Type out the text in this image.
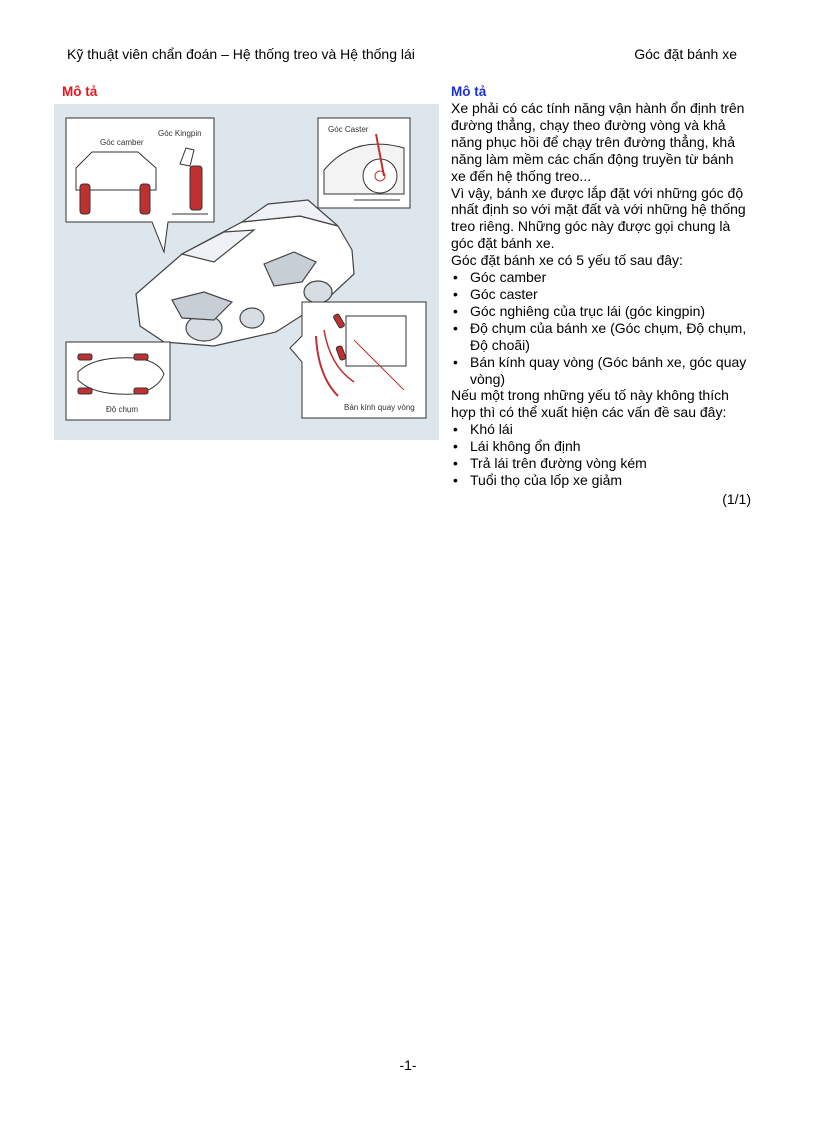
Kỹ thuật viên chẩn đoán – Hệ thống treo và Hệ thống lái	Góc đặt bánh xe
Mô tả	Mô tả
Góc camber
Góc Kingpin	Góc Caster
Độ chụm	Bán kính quay vòng

Xe phải có các tính năng vận hành ổn định trên đường thẳng, chạy theo đường vòng và khả năng phục hồi để chạy trên đường thẳng, khả năng làm mềm các chấn động truyền từ bánh xe đến hệ thống treo...

Vì vậy, bánh xe được lắp đặt với những góc độ nhất định so với mặt đất và với những hệ thống treo riêng. Những góc này được gọi chung là góc đặt bánh xe.

Góc đặt bánh xe có 5 yếu tố sau đây:

• Góc camber
• Góc caster
• Góc nghiêng của trục lái (góc kingpin)
• Độ chụm của bánh xe (Góc chụm, Độ chụm, Độ choãi)
• Bán kính quay vòng (Góc bánh xe, góc quay vòng)

Nếu một trong những yếu tố này không thích hợp thì có thể xuất hiện các vấn đề sau đây:

• Khó lái
• Lái không ổn định
• Trả lái trên đường vòng kém
• Tuổi thọ của lốp xe giảm
(1/1)
-1-
